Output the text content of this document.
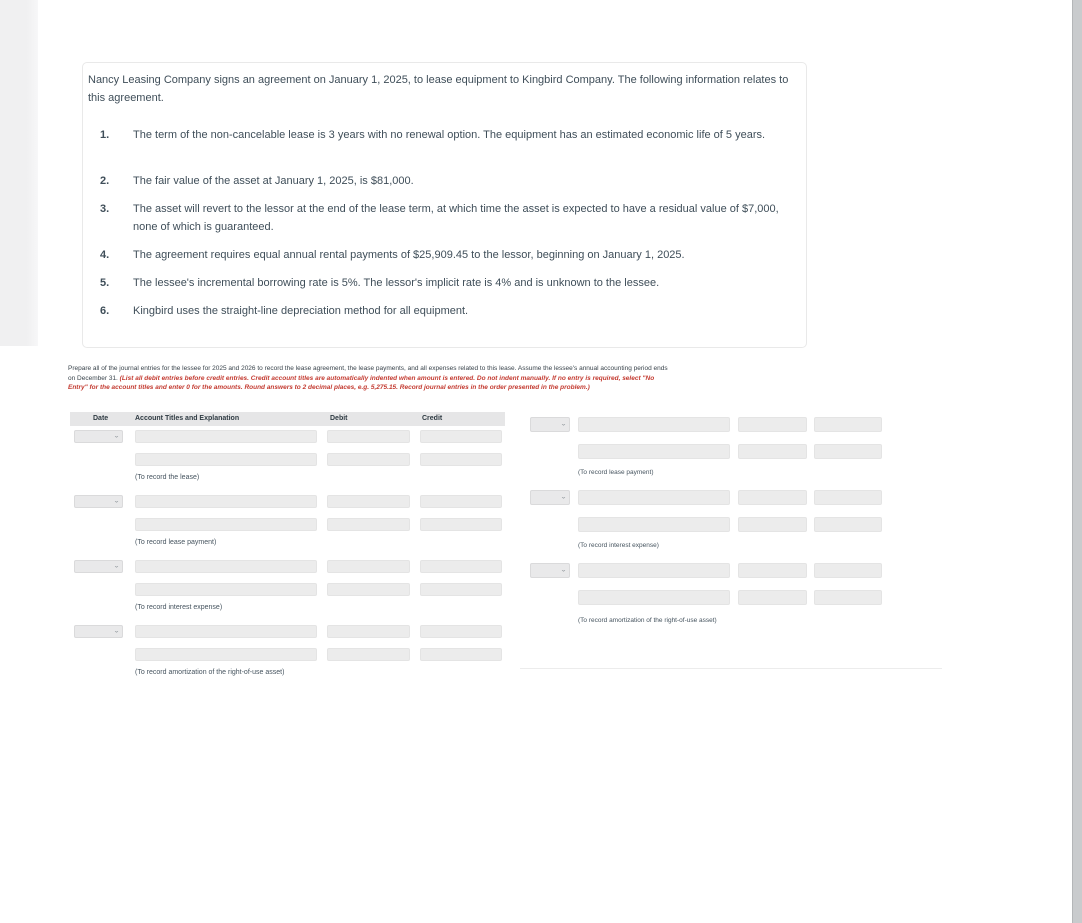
Nancy Leasing Company signs an agreement on January 1, 2025, to lease equipment to Kingbird Company. The following information relates to this agreement.
1. The term of the non-cancelable lease is 3 years with no renewal option. The equipment has an estimated economic life of 5 years.
2. The fair value of the asset at January 1, 2025, is $81,000.
3. The asset will revert to the lessor at the end of the lease term, at which time the asset is expected to have a residual value of $7,000, none of which is guaranteed.
4. The agreement requires equal annual rental payments of $25,909.45 to the lessor, beginning on January 1, 2025.
5. The lessee's incremental borrowing rate is 5%. The lessor's implicit rate is 4% and is unknown to the lessee.
6. Kingbird uses the straight-line depreciation method for all equipment.
Prepare all of the journal entries for the lessee for 2025 and 2026 to record the lease agreement, the lease payments, and all expenses related to this lease. Assume the lessee's annual accounting period ends on December 31. (List all debit entries before credit entries. Credit account titles are automatically indented when amount is entered. Do not indent manually. If no entry is required, select "No Entry" for the account titles and enter 0 for the amounts. Round answers to 2 decimal places, e.g. 5,275.15. Record journal entries in the order presented in the problem.)
Date	Account Titles and Explanation	Debit	Credit
⌄
(To record the lease)
⌄
(To record lease payment)
⌄
(To record interest expense)
⌄
(To record amortization of the right-of-use asset)
⌄
(To record lease payment)
⌄
(To record interest expense)
⌄
(To record amortization of the right-of-use asset)
